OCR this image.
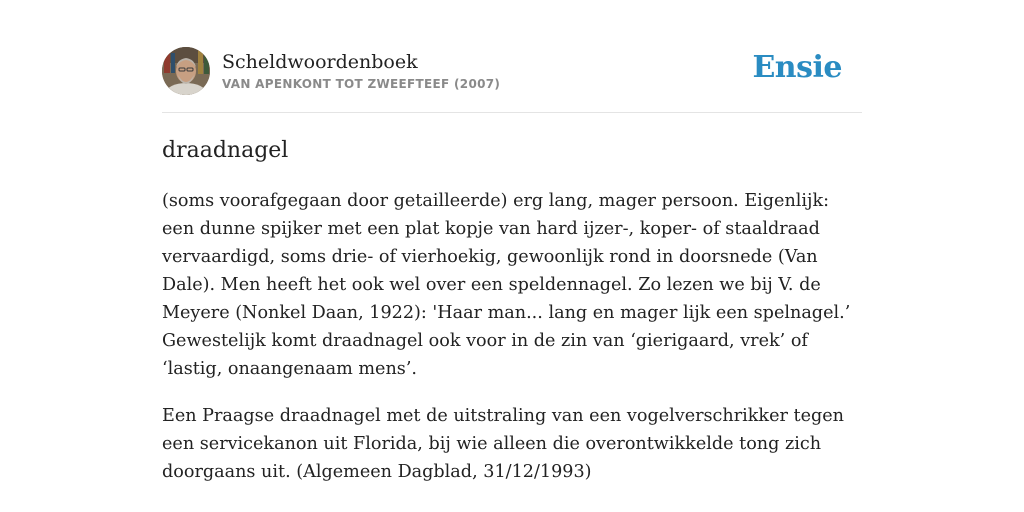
Scheldwoordenboek
VAN APENKONT TOT ZWEEFTEEF (2007)	Ensie
draadnagel

(soms voorafgegaan door getailleerde) erg lang, mager persoon. Eigenlijk: een dunne spijker met een plat kopje van hard ijzer-, koper- of staaldraad vervaardigd, soms drie- of vierhoekig, gewoonlijk rond in doorsnede (Van Dale). Men heeft het ook wel over een speldennagel. Zo lezen we bij V. de Meyere (Nonkel Daan, 1922): 'Haar man... lang en mager lijk een spelnagel.’ Gewestelijk komt draadnagel ook voor in de zin van ‘gierigaard, vrek’ of ‘lastig, onaangenaam mens’.

Een Praagse draadnagel met de uitstraling van een vogelverschrikker tegen een servicekanon uit Florida, bij wie alleen die overontwikkelde tong zich doorgaans uit. (Algemeen Dagblad, 31/12/1993)
